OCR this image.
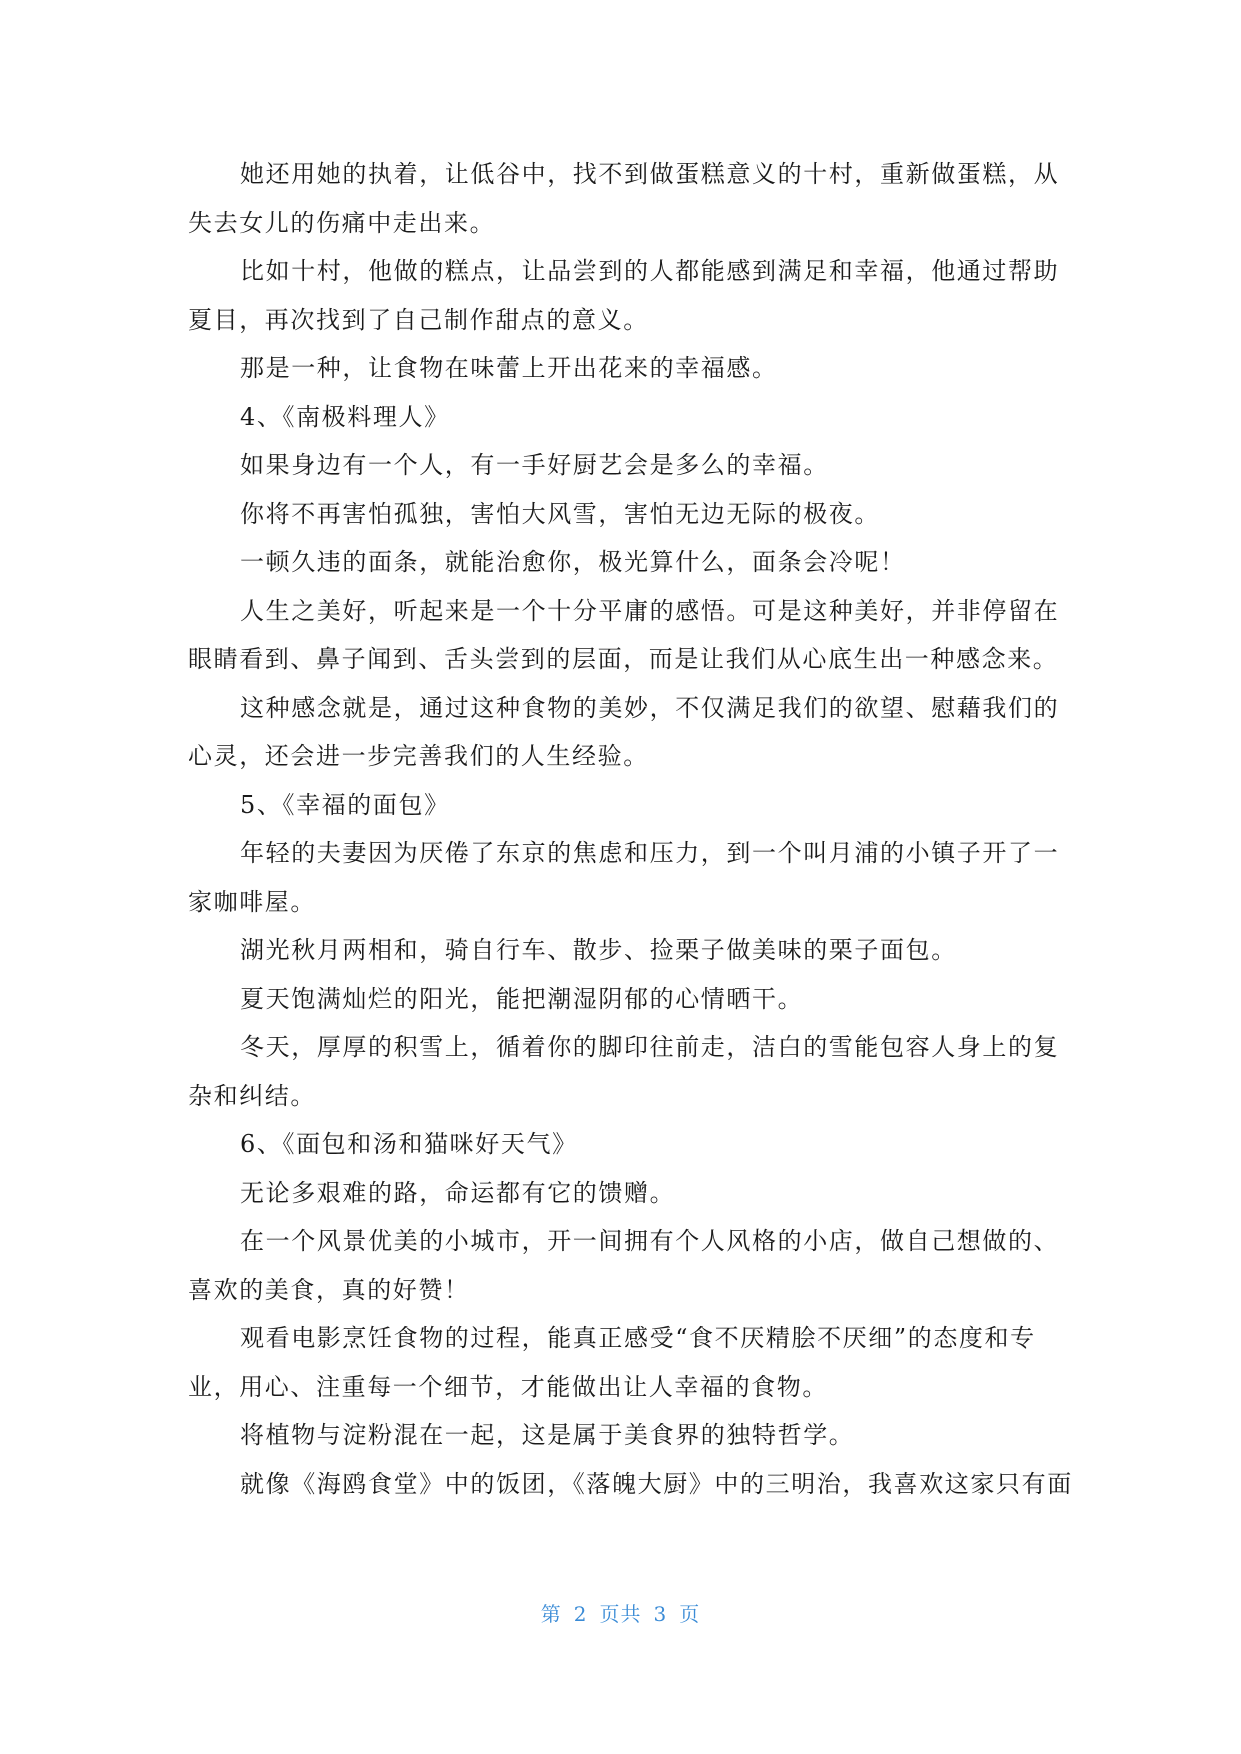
她还用她的执着，让低谷中，找不到做蛋糕意义的十村，重新做蛋糕，从
失去女儿的伤痛中走出来。

比如十村，他做的糕点，让品尝到的人都能感到满足和幸福，他通过帮助
夏目，再次找到了自己制作甜点的意义。

那是一种，让食物在味蕾上开出花来的幸福感。

4、《南极料理人》

如果身边有一个人，有一手好厨艺会是多么的幸福。

你将不再害怕孤独，害怕大风雪，害怕无边无际的极夜。

一顿久违的面条，就能治愈你，极光算什么，面条会冷呢！

人生之美好，听起来是一个十分平庸的感悟。可是这种美好，并非停留在
眼睛看到、鼻子闻到、舌头尝到的层面，而是让我们从心底生出一种感念来。

这种感念就是，通过这种食物的美妙，不仅满足我们的欲望、慰藉我们的
心灵，还会进一步完善我们的人生经验。

5、《幸福的面包》

年轻的夫妻因为厌倦了东京的焦虑和压力，到一个叫月浦的小镇子开了一
家咖啡屋。

湖光秋月两相和，骑自行车、散步、捡栗子做美味的栗子面包。

夏天饱满灿烂的阳光，能把潮湿阴郁的心情晒干。

冬天，厚厚的积雪上，循着你的脚印往前走，洁白的雪能包容人身上的复
杂和纠结。

6、《面包和汤和猫咪好天气》

无论多艰难的路，命运都有它的馈赠。

在一个风景优美的小城市，开一间拥有个人风格的小店，做自己想做的、
喜欢的美食，真的好赞！

观看电影烹饪食物的过程，能真正感受“食不厌精脍不厌细”的态度和专
业，用心、注重每一个细节，才能做出让人幸福的食物。

将植物与淀粉混在一起，这是属于美食界的独特哲学。

就像《海鸥食堂》中的饭团，《落魄大厨》中的三明治，我喜欢这家只有面

第 2 页共 3 页
